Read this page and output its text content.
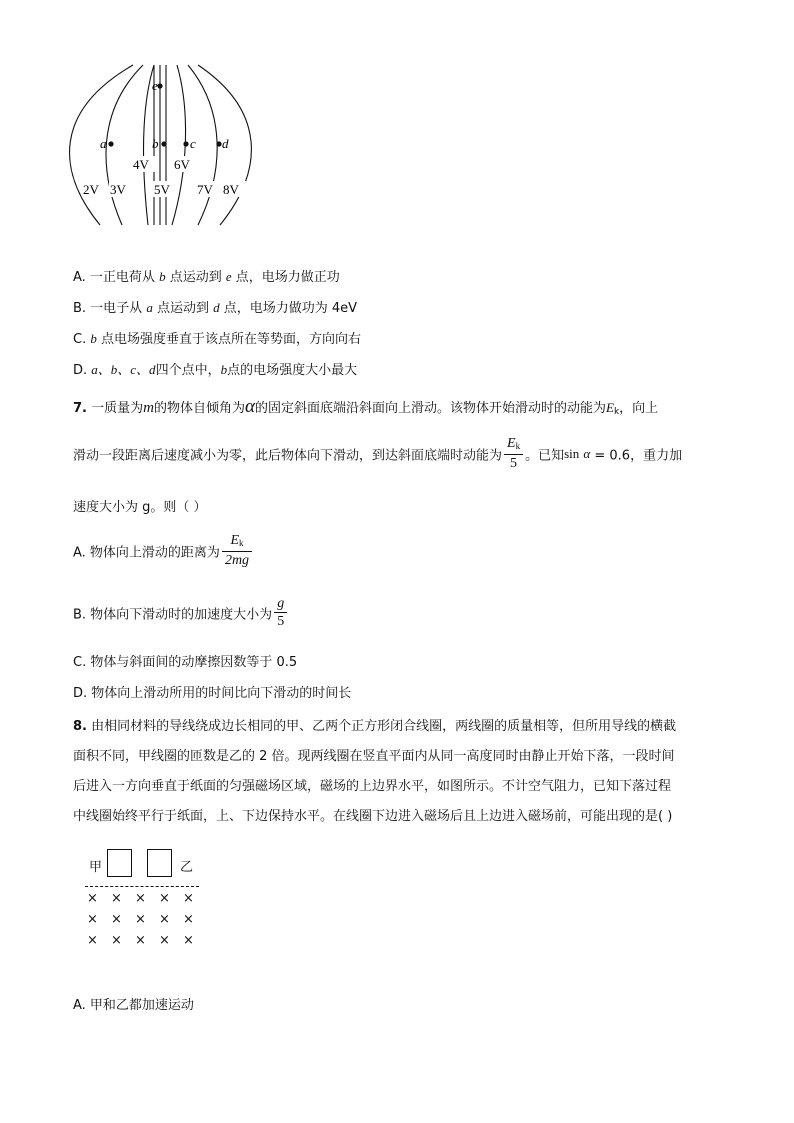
e
a	b c d
4V 6V
2V 3V 5V 7V 8V
A. 一正电荷从 b 点运动到 e 点，电场力做正功
B. 一电子从 a 点运动到 d 点，电场力做功为 4eV
C. b 点电场强度垂直于该点所在等势面，方向向右
D. a、b、c、d四个点中，b点的电场强度大小最大
7. 一质量为m的物体自倾角为α的固定斜面底端沿斜面向上滑动。该物体开始滑动时的动能为$E_k$，向上
滑动一段距离后速度减小为零，此后物体向下滑动，到达斜面底端时动能为 $\frac{E_k}{5}$ 。已知sin α = 0.6，重力加
速度大小为 g。则（ ）
A. 物体向上滑动的距离为 $\frac{E_k}{2mg}$
B. 物体向下滑动时的加速度大小为 $\frac{g}{5}$
C. 物体与斜面间的动摩擦因数等于 0.5
D. 物体向上滑动所用的时间比向下滑动的时间长
8. 由相同材料的导线绕成边长相同的甲、乙两个正方形闭合线圈，两线圈的质量相等，但所用导线的横截
面积不同，甲线圈的匝数是乙的 2 倍。现两线圈在竖直平面内从同一高度同时由静止开始下落，一段时间
后进入一方向垂直于纸面的匀强磁场区域，磁场的上边界水平，如图所示。不计空气阻力，已知下落过程
中线圈始终平行于纸面，上、下边保持水平。在线圈下边进入磁场后且上边进入磁场前，可能出现的是( )
甲	乙
× × × × ×
× × × × ×
× × × × ×
A. 甲和乙都加速运动
